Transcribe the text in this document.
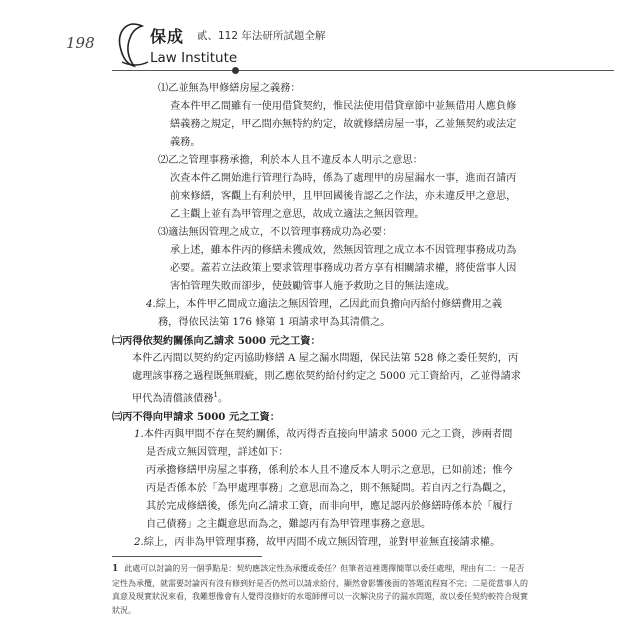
198	保成 貳、112 年法研所試題全解
Law Institute

⑴乙並無為甲修繕房屋之義務：

查本件甲乙間雖有一使用借貸契約，惟民法使用借貸章節中並無借用人應負修繕義務之規定，甲乙間亦無特約約定，故就修繕房屋一事，乙並無契約或法定義務。

⑵乙之管理事務承擔，利於本人且不違反本人明示之意思：

次查本件乙開始進行管理行為時，係為了處理甲的房屋漏水一事，進而召請丙前來修繕，客觀上有利於甲，且甲回國後肯認乙之作法，亦未違反甲之意思，乙主觀上並有為甲管理之意思，故成立適法之無因管理。

⑶適法無因管理之成立，不以管理事務成功為必要：

承上述，雖本件丙的修繕未獲成效，然無因管理之成立本不因管理事務成功為必要。蓋若立法政策上要求管理事務成功者方享有相關請求權，將使當事人因害怕管理失敗而卻步，使鼓勵管事人施予救助之目的無法達成。

4.綜上，本件甲乙間成立適法之無因管理，乙因此而負擔向丙給付修繕費用之義務，得依民法第 176 條第 1 項請求甲為其清償之。

㈡丙得依契約關係向乙請求 5000 元之工資：

本件乙丙間以契約約定丙協助修繕 A 屋之漏水問題，保民法第 528 條之委任契約，丙處理該事務之過程既無瑕疵，則乙應依契約給付約定之 5000 元工資給丙，乙並得請求甲代為清償該債務$^1$。

㈢丙不得向甲請求 5000 元之工資：

1.本件丙與甲間不存在契約關係，故丙得否直接向甲請求 5000 元之工資，涉兩者間是否成立無因管理，詳述如下：

丙承擔修繕甲房屋之事務，係利於本人且不違反本人明示之意思，已如前述；惟今丙是否係本於「為甲處理事務」之意思而為之，則不無疑問。若自丙之行為觀之，其於完成修繕後，係先向乙請求工資，而非向甲，應足認丙於修繕時係本於「履行自己債務」之主觀意思而為之，難認丙有為甲管理事務之意思。

2.綜上，丙非為甲管理事務，故甲丙間不成立無因管理，並對甲並無直接請求權。

1 此處可以討論的另一個爭點是：契約應該定性為承攬或委任？但筆者這裡選擇簡單以委任處理，理由有二：一是否定性為承攬，就需要討論丙有沒有修到好是否仍然可以請求給付，顯然會影響後面的答題流程寫不完；二是從當事人的真意及現實狀況來看，我難想像會有人覺得沒修好的水電師傅可以一次解決房子的漏水問題，故以委任契約較符合現實狀況。
